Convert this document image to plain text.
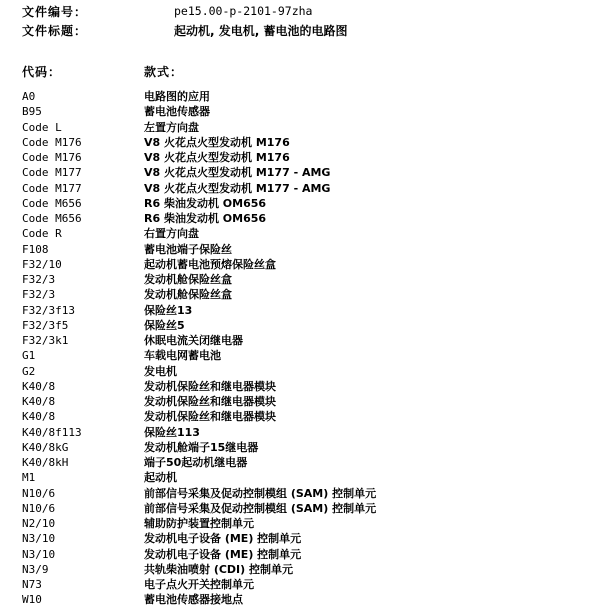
文件编号：	pe15.00-p-2101-97zha
文件标题：	起动机, 发电机, 蓄电池的电路图
代码：	款式：
A0	电路图的应用
B95	蓄电池传感器
Code L	左置方向盘
Code M176	V8 火花点火型发动机 M176
Code M176	V8 火花点火型发动机 M176
Code M177	V8 火花点火型发动机 M177 - AMG
Code M177	V8 火花点火型发动机 M177 - AMG
Code M656	R6 柴油发动机 OM656
Code M656	R6 柴油发动机 OM656
Code R	右置方向盘
F108	蓄电池端子保险丝
F32/10	起动机蓄电池预熔保险丝盒
F32/3	发动机舱保险丝盒
F32/3	发动机舱保险丝盒
F32/3f13	保险丝13
F32/3f5	保险丝5
F32/3k1	休眠电流关闭继电器
G1	车载电网蓄电池
G2	发电机
K40/8	发动机保险丝和继电器模块
K40/8	发动机保险丝和继电器模块
K40/8	发动机保险丝和继电器模块
K40/8f113	保险丝113
K40/8kG	发动机舱端子15继电器
K40/8kH	端子50起动机继电器
M1	起动机
N10/6	前部信号采集及促动控制模组 (SAM) 控制单元
N10/6	前部信号采集及促动控制模组 (SAM) 控制单元
N2/10	辅助防护装置控制单元
N3/10	发动机电子设备 (ME) 控制单元
N3/10	发动机电子设备 (ME) 控制单元
N3/9	共轨柴油喷射 (CDI) 控制单元
N73	电子点火开关控制单元
W10	蓄电池传感器接地点
